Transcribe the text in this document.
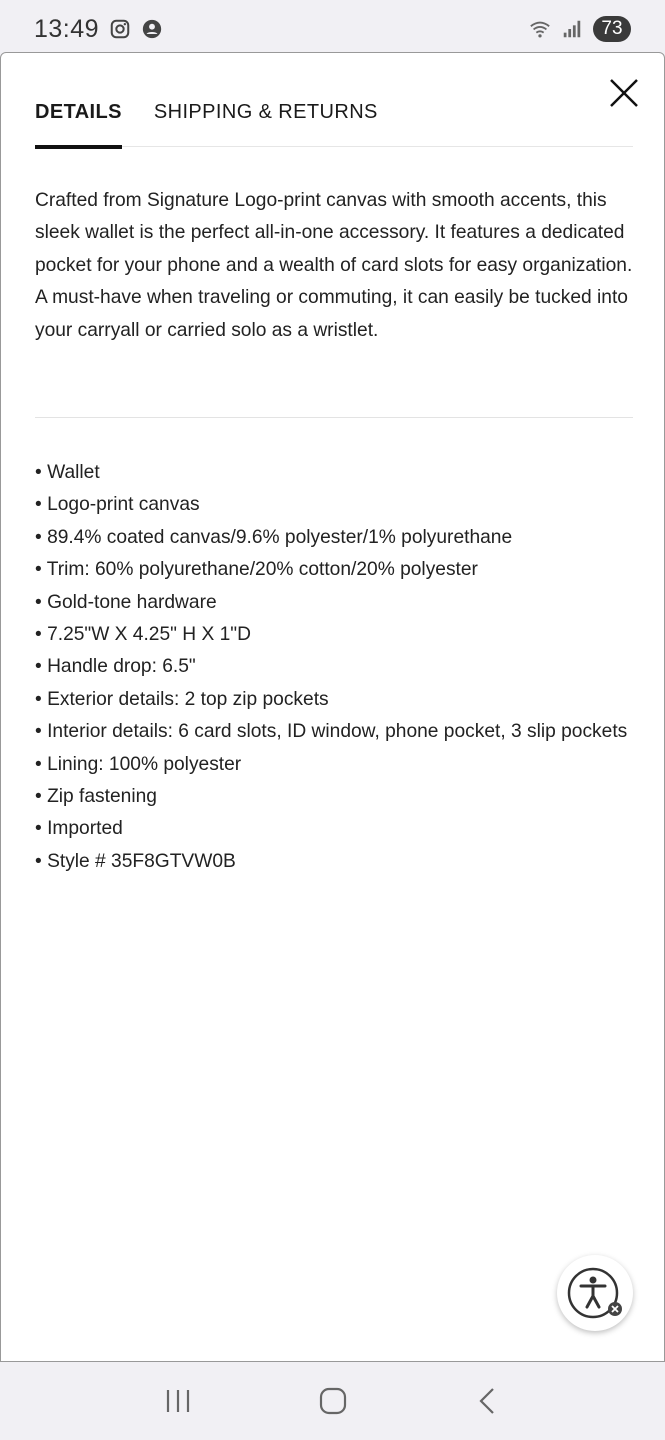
13:49	73
DETAILS SHIPPING & RETURNS

Crafted from Signature Logo-print canvas with smooth accents, this sleek wallet is the perfect all-in-one accessory. It features a dedicated pocket for your phone and a wealth of card slots for easy organization. A must-have when traveling or commuting, it can easily be tucked into your carryall or carried solo as a wristlet.

• Wallet
• Logo-print canvas
• 89.4% coated canvas/9.6% polyester/1% polyurethane
• Trim: 60% polyurethane/20% cotton/20% polyester
• Gold-tone hardware
• 7.25"W X 4.25" H X 1"D
• Handle drop: 6.5"
• Exterior details: 2 top zip pockets
• Interior details: 6 card slots, ID window, phone pocket, 3 slip pockets
• Lining: 100% polyester
• Zip fastening
• Imported
• Style # 35F8GTVW0B
